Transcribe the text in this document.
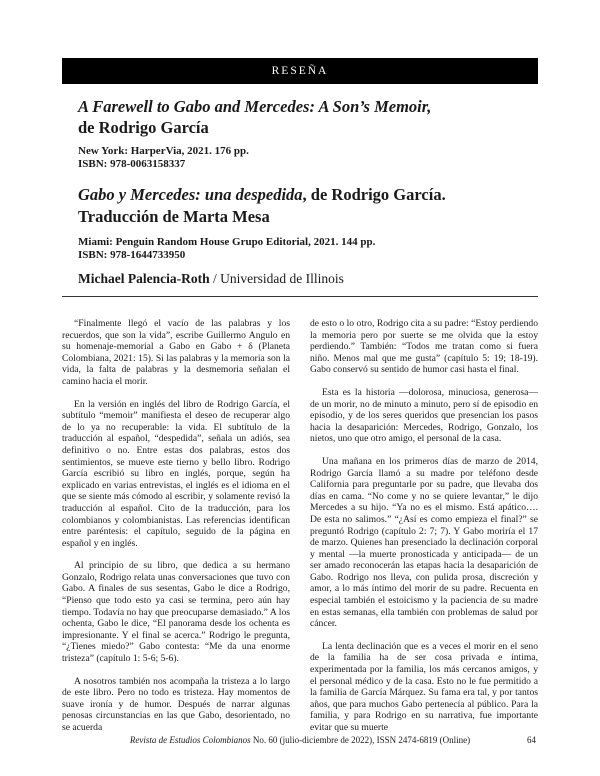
RESEÑA
A Farewell to Gabo and Mercedes: A Son’s Memoir,
de Rodrigo García
New York: HarperVia, 2021. 176 pp.
ISBN: 978-0063158337
Gabo y Mercedes: una despedida, de Rodrigo García.
Traducción de Marta Mesa
Miami: Penguin Random House Grupo Editorial, 2021. 144 pp.
ISBN: 978-1644733950
Michael Palencia-Roth / Universidad de Illinois

“Finalmente llegó el vacío de las palabras y los recuerdos, que son la vida”, escribe Guillermo Angulo en su homenaje-memorial a Gabo en Gabo + δ (Planeta Colombiana, 2021: 15). Si las palabras y la memoria son la vida, la falta de palabras y la desmemoria señalan el camino hacia el morir.

En la versión en inglés del libro de Rodrigo García, el subtítulo “memoir” manifiesta el deseo de recuperar algo de lo ya no recuperable: la vida. El subtítulo de la traducción al español, “despedida”, señala un adiós, sea definitivo o no. Entre estas dos palabras, estos dos sentimientos, se mueve este tierno y bello libro. Rodrigo García escribió su libro en inglés, porque, según ha explicado en varias entrevistas, el inglés es el idioma en el que se siente más cómodo al escribir, y solamente revisó la traducción al español. Cito de la traducción, para los colombianos y colombianistas. Las referencias identifican entre paréntesis: el capítulo, seguido de la página en español y en inglés.

Al principio de su libro, que dedica a su hermano Gonzalo, Rodrigo relata unas conversaciones que tuvo con Gabo. A finales de sus sesentas, Gabo le dice a Rodrigo, “Pienso que todo esto ya casi se termina, pero aún hay tiempo. Todavía no hay que preocuparse demasiado.” A los ochenta, Gabo le dice, “El panorama desde los ochenta es impresionante. Y el final se acerca.” Rodrigo le pregunta, “¿Tienes miedo?” Gabo contesta: “Me da una enorme tristeza” (capítulo 1: 5-6; 5-6).

A nosotros también nos acompaña la tristeza a lo largo de este libro. Pero no todo es tristeza. Hay momentos de suave ironía y de humor. Después de narrar algunas penosas circunstancias en las que Gabo, desorientado, no se acuerda

de esto o lo otro, Rodrigo cita a su padre: “Estoy perdiendo la memoria pero por suerte se me olvida que la estoy perdiendo.” También: “Todos me tratan como si fuera niño. Menos mal que me gusta” (capítulo 5: 19; 18-19). Gabo conservó su sentido de humor casi hasta el final.

Esta es la historia —dolorosa, minuciosa, generosa— de un morir, no de minuto a minuto, pero sí de episodio en episodio, y de los seres queridos que presencian los pasos hacia la desaparición: Mercedes, Rodrigo, Gonzalo, los nietos, uno que otro amigo, el personal de la casa.

Una mañana en los primeros días de marzo de 2014, Rodrigo García llamó a su madre por teléfono desde California para preguntarle por su padre, que llevaba dos días en cama. “No come y no se quiere levantar,” le dijo Mercedes a su hijo. “Ya no es el mismo. Está apático…. De esta no salimos.” “¿Así es como empieza el final?” se preguntó Rodrigo (capítulo 2: 7; 7). Y Gabo moriría el 17 de marzo. Quienes han presenciado la declinación corporal y mental —la muerte pronosticada y anticipada— de un ser amado reconocerán las etapas hacia la desaparición de Gabo. Rodrigo nos lleva, con pulida prosa, discreción y amor, a lo más íntimo del morir de su padre. Recuenta en especial también el estoicismo y la paciencia de su madre en estas semanas, ella también con problemas de salud por cáncer.

La lenta declinación que es a veces el morir en el seno de la familia ha de ser cosa privada e íntima, experimentada por la familia, los más cercanos amigos, y el personal médico y de la casa. Esto no le fue permitido a la familia de García Márquez. Su fama era tal, y por tantos años, que para muchos Gabo pertenecía al público. Para la familia, y para Rodrigo en su narrativa, fue importante evitar que su muerte

Revista de Estudios Colombianos No. 60 (julio-diciembre de 2022), ISSN 2474-6819 (Online)	64
